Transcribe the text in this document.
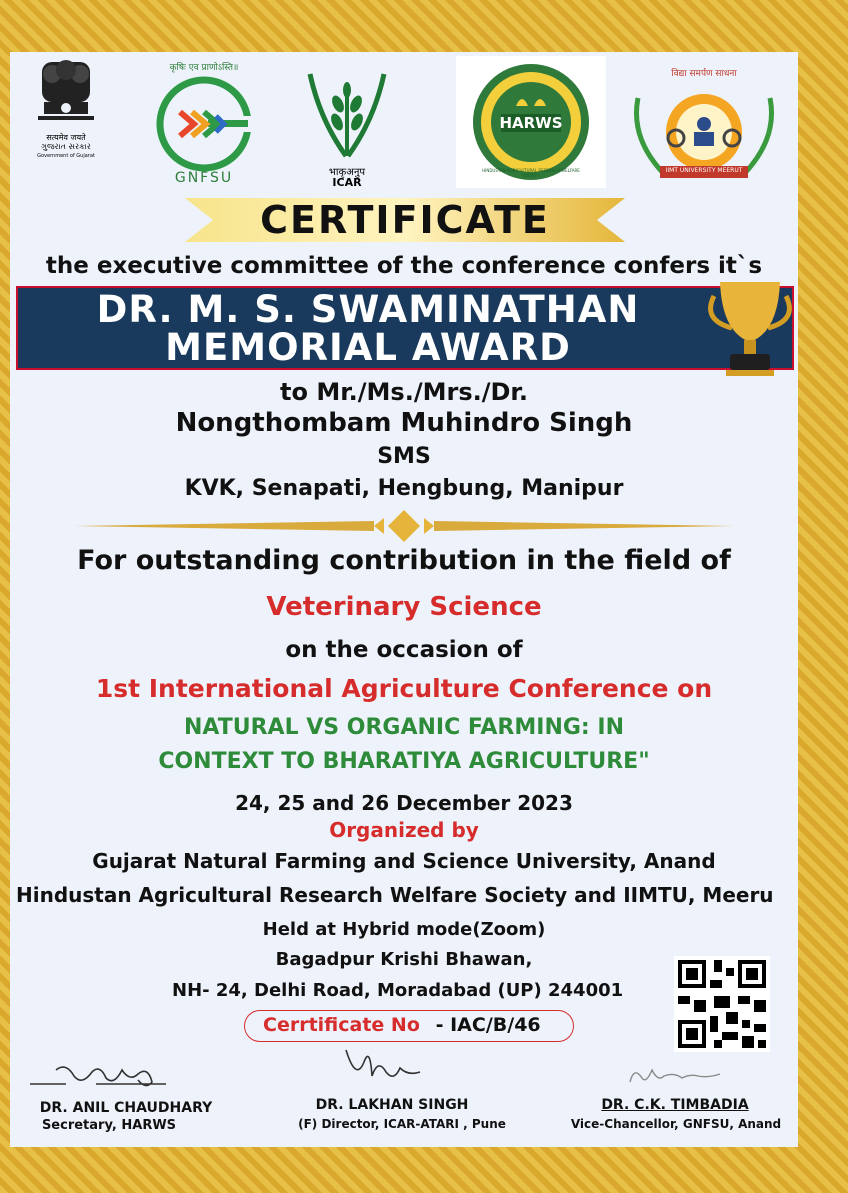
सत्यमेव जयते
ગુજરાત સરકાર
Government of Gujarat
कृषिः एव प्राणोऽस्ति॥
GNFSU	भाकृअनुप
ICAR
HARWS
HINDUSTAN AGRICULTURAL RESEARCH WELFARE SOCIETY
विद्या समर्पण साधना
IIMT UNIVERSITY MEERUT
CERTIFICATE
the executive committee of the conference confers it`s
DR. M. S. SWAMINATHAN
MEMORIAL AWARD
to Mr./Ms./Mrs./Dr.
Nongthombam Muhindro Singh
SMS
KVK, Senapati, Hengbung, Manipur
For outstanding contribution in the field of
Veterinary Science
on the occasion of
1st International Agriculture Conference on
NATURAL VS ORGANIC FARMING: IN
CONTEXT TO BHARATIYA AGRICULTURE"
24, 25 and 26 December 2023
Organized by
Gujarat Natural Farming and Science University, Anand
Hindustan Agricultural Research Welfare Society and IIMTU, Meeru
Held at Hybrid mode(Zoom)
Bagadpur Krishi Bhawan,
NH- 24, Delhi Road, Moradabad (UP) 244001
Cerrtificate No - IAC/B/46
DR. ANIL CHAUDHARY
Secretary, HARWS
DR. LAKHAN SINGH
(F) Director, ICAR-ATARI , Pune
DR. C.K. TIMBADIA
Vice-Chancellor, GNFSU, Anand
